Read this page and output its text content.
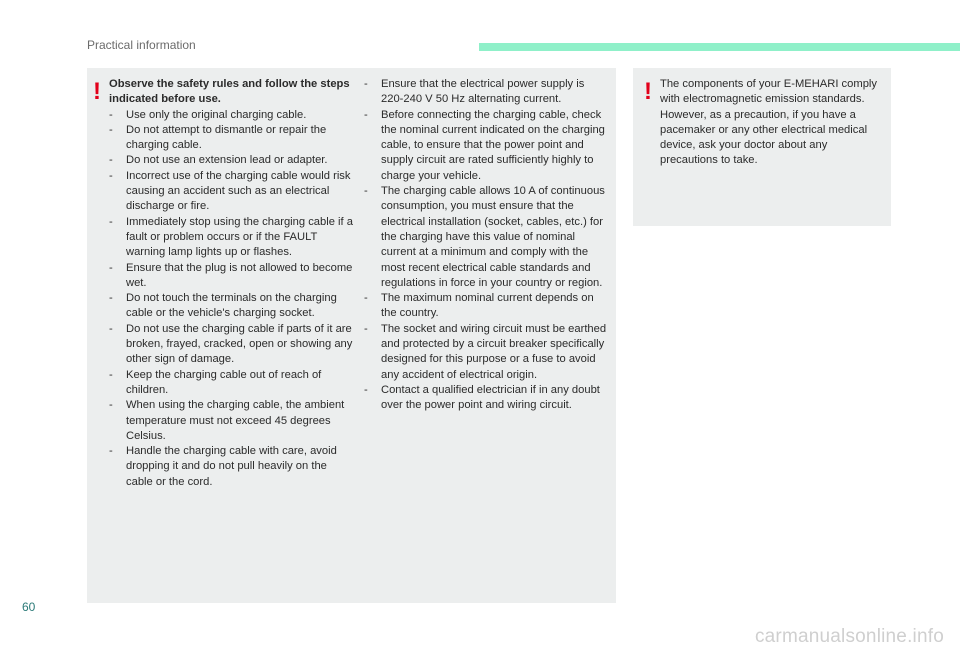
Practical information
!	!

Observe the safety rules and follow the steps indicated before use.

- Use only the original charging cable.
- Do not attempt to dismantle or repair the charging cable.
- Do not use an extension lead or adapter.
- Incorrect use of the charging cable would risk causing an accident such as an electrical discharge or fire.
- Immediately stop using the charging cable if a fault or problem occurs or if the FAULT warning lamp lights up or flashes.
- Ensure that the plug is not allowed to become wet.
- Do not touch the terminals on the charging cable or the vehicle's charging socket.
- Do not use the charging cable if parts of it are broken, frayed, cracked, open or showing any other sign of damage.
- Keep the charging cable out of reach of children.
- When using the charging cable, the ambient temperature must not exceed 45 degrees Celsius.
- Handle the charging cable with care, avoid dropping it and do not pull heavily on the cable or the cord.
- Ensure that the electrical power supply is 220-240 V 50 Hz alternating current.
- Before connecting the charging cable, check the nominal current indicated on the charging cable, to ensure that the power point and supply circuit are rated sufficiently highly to charge your vehicle.
- The charging cable allows 10 A of continuous consumption, you must ensure that the electrical installation (socket, cables, etc.) for the charging have this value of nominal current at a minimum and comply with the most recent electrical cable standards and regulations in force in your country or region.
- The maximum nominal current depends on the country.
- The socket and wiring circuit must be earthed and protected by a circuit breaker specifically designed for this purpose or a fuse to avoid any accident of electrical origin.
- Contact a qualified electrician if in any doubt over the power point and wiring circuit.

The components of your E-MEHARI comply with electromagnetic emission standards. However, as a precaution, if you have a pacemaker or any other electrical medical device, ask your doctor about any precautions to take.

60
carmanualsonline.info
